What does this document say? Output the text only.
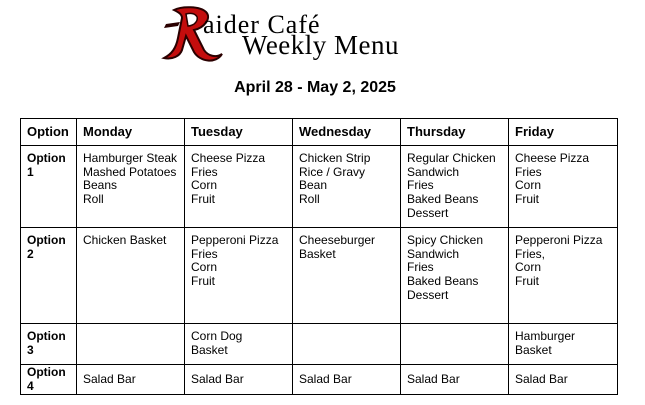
aider Café
Weekly Menu
April 28 - May 2, 2025
Option	Monday	Tuesday	Wednesday	Thursday	Friday
Option 1	Hamburger Steak
Mashed Potatoes
Beans
Roll	Cheese Pizza
Fries
Corn
Fruit	Chicken Strip
Rice / Gravy
Bean
Roll	Regular Chicken
Sandwich
Fries
Baked Beans
Dessert	Cheese Pizza
Fries
Corn
Fruit

Option 2	Chicken Basket	Pepperoni Pizza
Fries
Corn
Fruit	Cheeseburger
Basket	Spicy Chicken
Sandwich
Fries
Baked Beans
Dessert	Pepperoni Pizza
Fries,
Corn
Fruit

Option 3		Corn Dog
Basket			Hamburger
Basket

Option 4	Salad Bar	Salad Bar	Salad Bar	Salad Bar	Salad Bar
